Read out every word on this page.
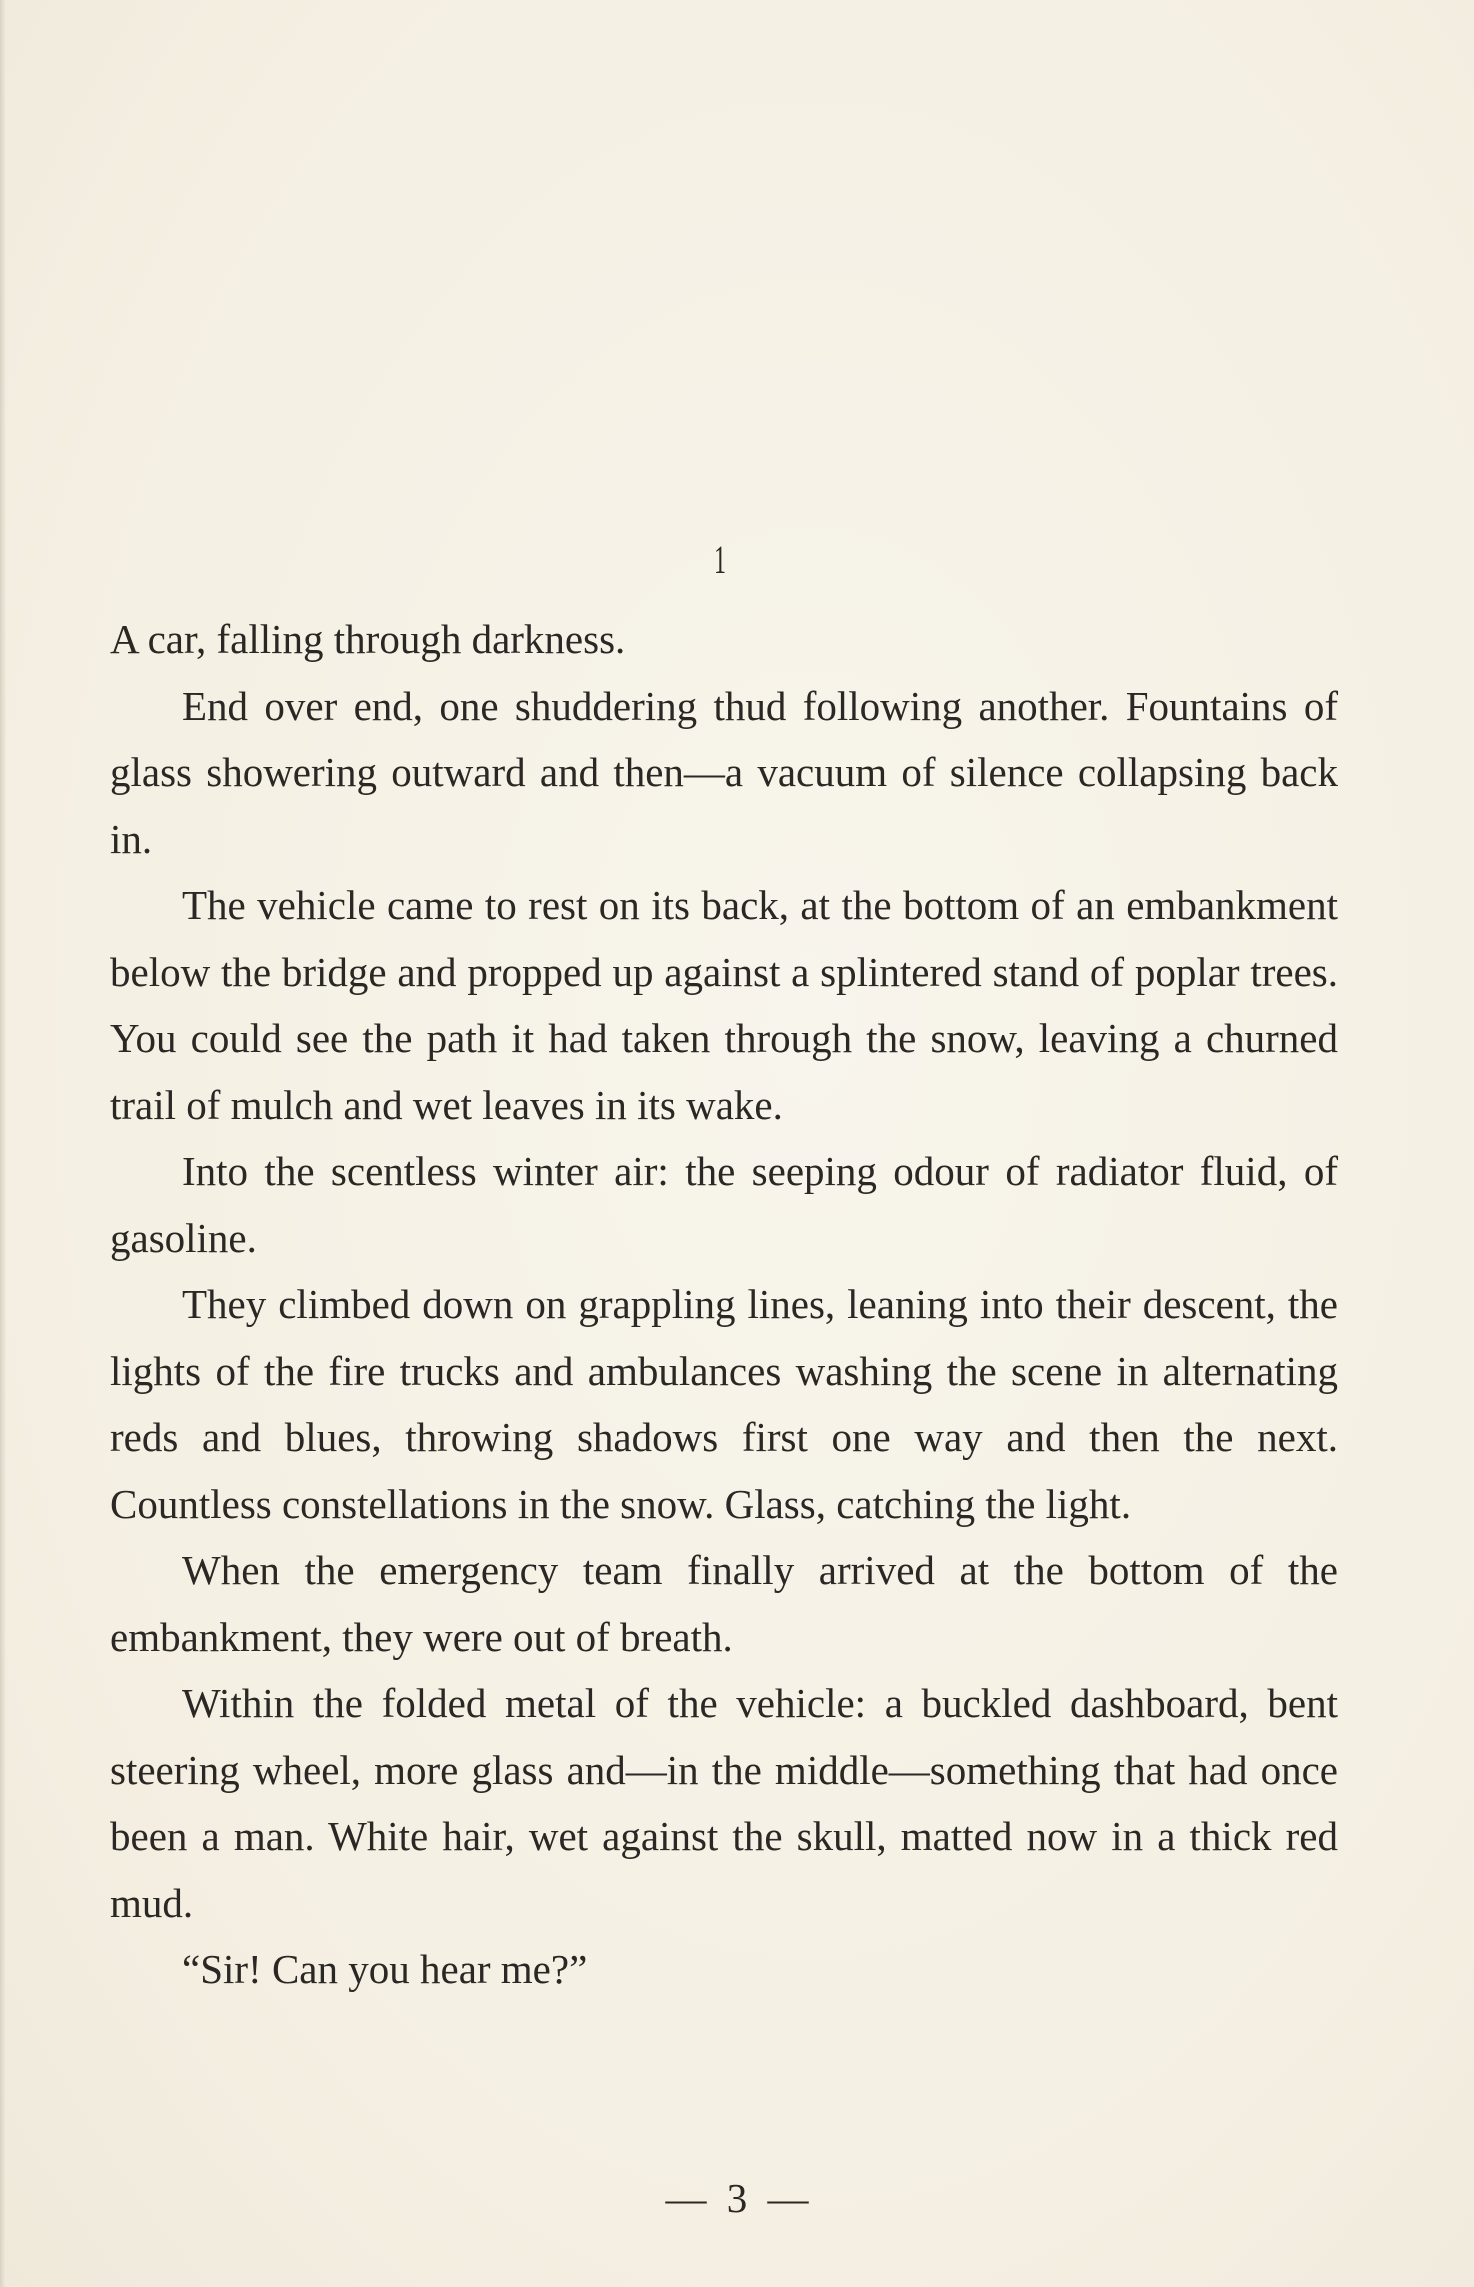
1

A car, falling through darkness.

End over end, one shuddering thud following another. Fountains of glass showering outward and then—a vacuum of silence collapsing back in.

The vehicle came to rest on its back, at the bottom of an embankment below the bridge and propped up against a splintered stand of poplar trees. You could see the path it had taken through the snow, leaving a churned trail of mulch and wet leaves in its wake.

Into the scentless winter air: the seeping odour of radiator fluid, of gasoline.

They climbed down on grappling lines, leaning into their descent, the lights of the fire trucks and ambulances washing the scene in alternating reds and blues, throwing shadows first one way and then the next. Countless constellations in the snow. Glass, catching the light.

When the emergency team finally arrived at the bottom of the embankment, they were out of breath.

Within the folded metal of the vehicle: a buckled dashboard, bent steering wheel, more glass and—in the middle—something that had once been a man. White hair, wet against the skull, matted now in a thick red mud.

“Sir! Can you hear me?”

— 3 —
